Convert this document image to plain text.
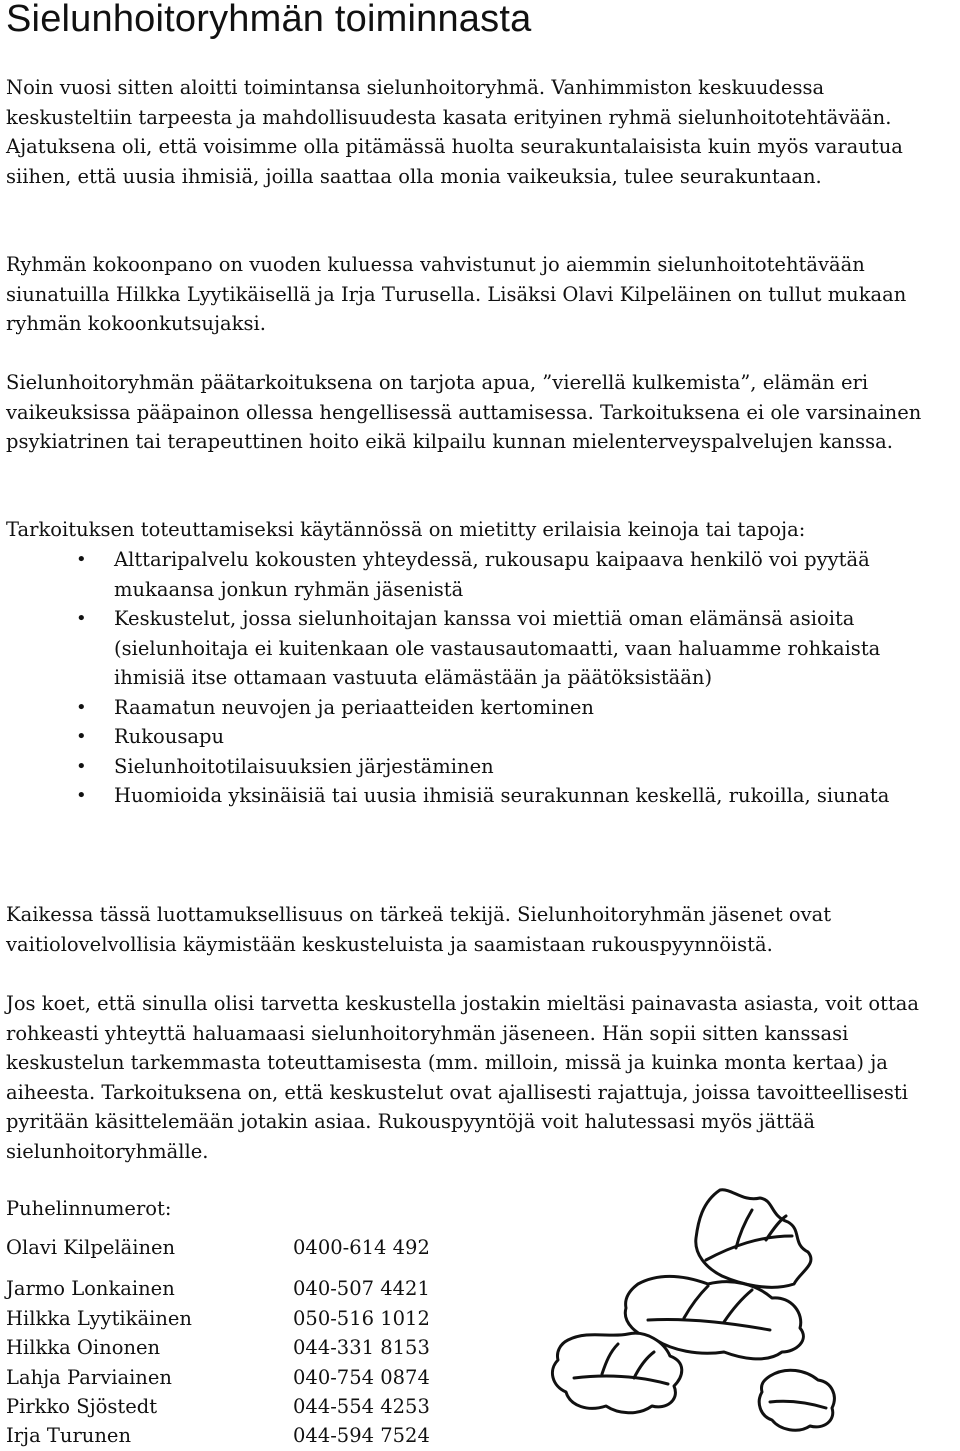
Sielunhoitoryhmän toiminnasta

Noin vuosi sitten aloitti toimintansa sielunhoitoryhmä. Vanhimmiston keskuudessa keskusteltiin tarpeesta ja mahdollisuudesta kasata erityinen ryhmä sielunhoitotehtävään. Ajatuksena oli, että voisimme olla pitämässä huolta seurakuntalaisista kuin myös varautua siihen, että uusia ihmisiä, joilla saattaa olla monia vaikeuksia, tulee seurakuntaan.

Ryhmän kokoonpano on vuoden kuluessa vahvistunut jo aiemmin sielunhoitotehtävään siunatuilla Hilkka Lyytikäisellä ja Irja Turusella. Lisäksi Olavi Kilpeläinen on tullut mukaan ryhmän kokoonkutsujaksi.

Sielunhoitoryhmän päätarkoituksena on tarjota apua, ”vierellä kulkemista”, elämän eri vaikeuksissa pääpainon ollessa hengellisessä auttamisessa. Tarkoituksena ei ole varsinainen psykiatrinen tai terapeuttinen hoito eikä kilpailu kunnan mielenterveyspalvelujen kanssa.

Tarkoituksen toteuttamiseksi käytännössä on mietitty erilaisia keinoja tai tapoja:

• Alttaripalvelu kokousten yhteydessä, rukousapu kaipaava henkilö voi pyytää mukaansa jonkun ryhmän jäsenistä
• Keskustelut, jossa sielunhoitajan kanssa voi miettiä oman elämänsä asioita (sielunhoitaja ei kuitenkaan ole vastausautomaatti, vaan haluamme rohkaista ihmisiä itse ottamaan vastuuta elämästään ja päätöksistään)
• Raamatun neuvojen ja periaatteiden kertominen
• Rukousapu
• Sielunhoitotilaisuuksien järjestäminen
• Huomioida yksinäisiä tai uusia ihmisiä seurakunnan keskellä, rukoilla, siunata

Kaikessa tässä luottamuksellisuus on tärkeä tekijä. Sielunhoitoryhmän jäsenet ovat vaitiolovelvollisia käymistään keskusteluista ja saamistaan rukouspyynnöistä.

Jos koet, että sinulla olisi tarvetta keskustella jostakin mieltäsi painavasta asiasta, voit ottaa rohkeasti yhteyttä haluamaasi sielunhoitoryhmän jäseneen. Hän sopii sitten kanssasi keskustelun tarkemmasta toteuttamisesta (mm. milloin, missä ja kuinka monta kertaa) ja aiheesta. Tarkoituksena on, että keskustelut ovat ajallisesti rajattuja, joissa tavoitteellisesti pyritään käsittelemään jotakin asiaa. Rukouspyyntöjä voit halutessasi myös jättää sielunhoitoryhmälle.

Puhelinnumerot:
Olavi Kilpeläinen	0400-614 492
Jarmo Lonkainen	040-507 4421
Hilkka Lyytikäinen	050-516 1012
Hilkka Oinonen	044-331 8153
Lahja Parviainen	040-754 0874
Pirkko Sjöstedt	044-554 4253
Irja Turunen	044-594 7524
